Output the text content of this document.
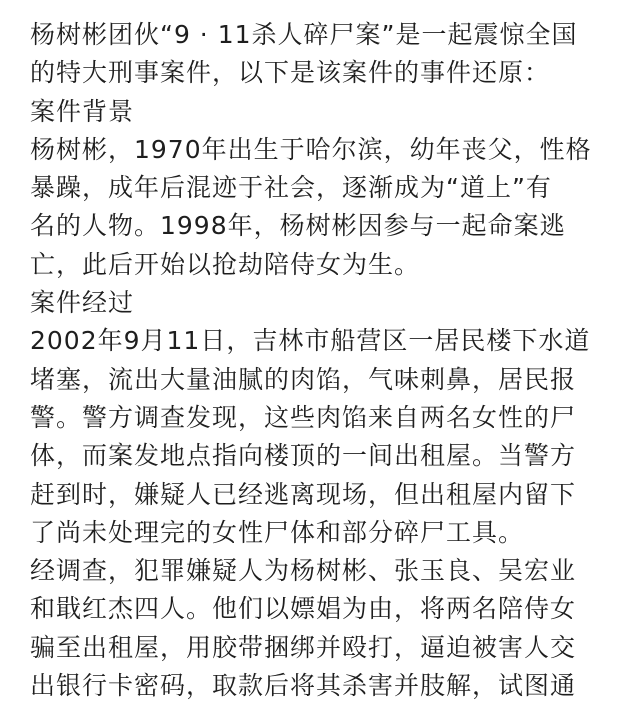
杨树彬团伙“9 · 11杀人碎尸案”是一起震惊全国
的特大刑事案件，以下是该案件的事件还原：
案件背景
杨树彬，1970年出生于哈尔滨，幼年丧父，性格
暴躁，成年后混迹于社会，逐渐成为“道上”有
名的人物。1998年，杨树彬因参与一起命案逃
亡，此后开始以抢劫陪侍女为生。
案件经过
2002年9月11日，吉林市船营区一居民楼下水道
堵塞，流出大量油腻的肉馅，气味刺鼻，居民报
警。警方调查发现，这些肉馅来自两名女性的尸
体，而案发地点指向楼顶的一间出租屋。当警方
赶到时，嫌疑人已经逃离现场，但出租屋内留下
了尚未处理完的女性尸体和部分碎尸工具。
经调查，犯罪嫌疑人为杨树彬、张玉良、吴宏业
和戢红杰四人。他们以嫖娼为由，将两名陪侍女
骗至出租屋，用胶带捆绑并殴打，逼迫被害人交
出银行卡密码，取款后将其杀害并肢解，试图通
